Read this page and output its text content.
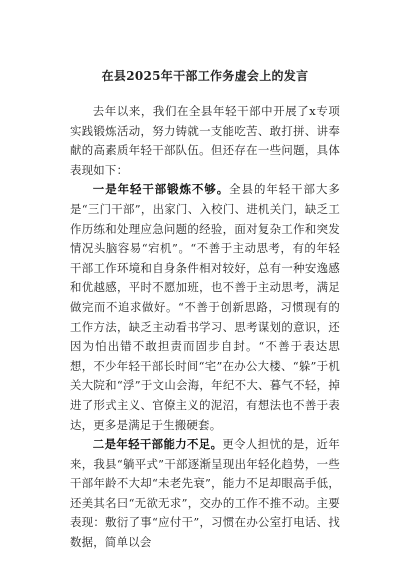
在县2025年干部工作务虚会上的发言

去年以来，我们在全县年轻干部中开展了x专项实践锻炼活动，努力铸就一支能吃苦、敢打拼、讲奉献的高素质年轻干部队伍。但还存在一些问题，具体表现如下：

一是年轻干部锻炼不够。全县的年轻干部大多是“三门干部”，出家门、入校门、进机关门，缺乏工作历练和处理应急问题的经验，面对复杂工作和突发情况头脑容易“宕机”。“不善于主动思考，有的年轻干部工作环境和自身条件相对较好，总有一种安逸感和优越感，平时不愿加班，也不善于主动思考，满足做完而不追求做好。“不善于创新思路，习惯现有的工作方法，缺乏主动看书学习、思考谋划的意识，还因为怕出错不敢担责而固步自封。“不善于表达思想，不少年轻干部长时间“宅”在办公大楼、“躲”于机关大院和“浮”于文山会海，年纪不大、暮气不轻，掉进了形式主义、官僚主义的泥沼，有想法也不善于表达，更多是满足于生搬硬套。

二是年轻干部能力不足。更令人担忧的是，近年来，我县“躺平式”干部逐渐呈现出年轻化趋势，一些干部年龄不大却“未老先衰”，能力不足却眼高手低，还美其名曰“无欲无求”，交办的工作不推不动。主要表现：敷衍了事“应付干”，习惯在办公室打电话、找数据，简单以会
